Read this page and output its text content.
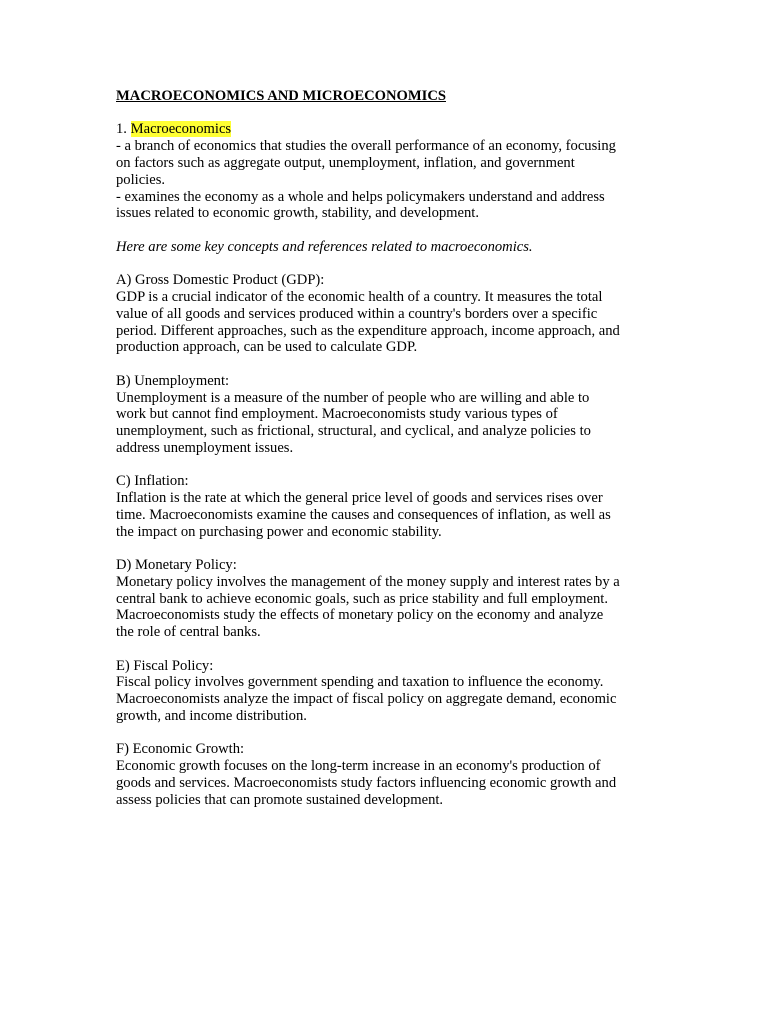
MACROECONOMICS AND MICROECONOMICS
1. Macroeconomics
- a branch of economics that studies the overall performance of an economy, focusing
on factors such as aggregate output, unemployment, inflation, and government
policies.
- examines the economy as a whole and helps policymakers understand and address
issues related to economic growth, stability, and development.
Here are some key concepts and references related to macroeconomics.
A) Gross Domestic Product (GDP):
GDP is a crucial indicator of the economic health of a country. It measures the total
value of all goods and services produced within a country's borders over a specific
period. Different approaches, such as the expenditure approach, income approach, and
production approach, can be used to calculate GDP.
B) Unemployment:
Unemployment is a measure of the number of people who are willing and able to
work but cannot find employment. Macroeconomists study various types of
unemployment, such as frictional, structural, and cyclical, and analyze policies to
address unemployment issues.
C) Inflation:
Inflation is the rate at which the general price level of goods and services rises over
time. Macroeconomists examine the causes and consequences of inflation, as well as
the impact on purchasing power and economic stability.
D) Monetary Policy:
Monetary policy involves the management of the money supply and interest rates by a
central bank to achieve economic goals, such as price stability and full employment.
Macroeconomists study the effects of monetary policy on the economy and analyze
the role of central banks.
E) Fiscal Policy:
Fiscal policy involves government spending and taxation to influence the economy.
Macroeconomists analyze the impact of fiscal policy on aggregate demand, economic
growth, and income distribution.
F) Economic Growth:
Economic growth focuses on the long-term increase in an economy's production of
goods and services. Macroeconomists study factors influencing economic growth and
assess policies that can promote sustained development.
